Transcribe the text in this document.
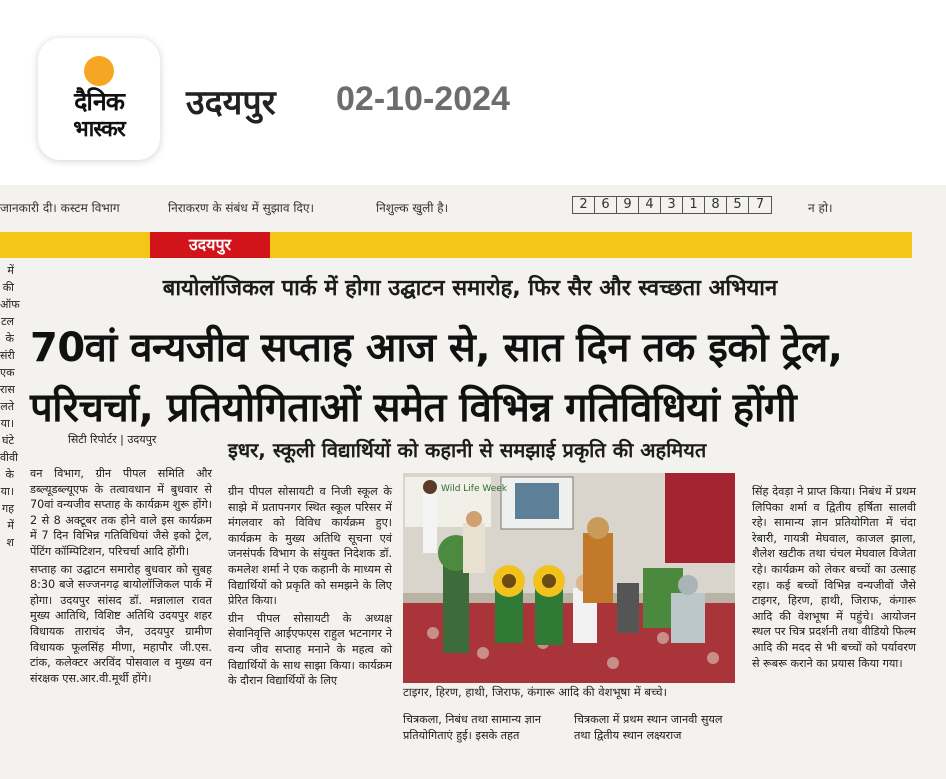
दैनिक
भास्कर
उदयपुर 02-10-2024
जानकारी दी। कस्टम विभाग	निराकरण के संबंध में सुझाव दिए।	निशुल्क खुली है।	2	6	9	4	3	1	8	5	7	न हो।
उदयपुर
में
की
ऑफ
टल
के
संरी
एक
रास
लते
या।
घंटे
वीवी
के
या।
गह
में
श
बायोलॉजिकल पार्क में होगा उद्घाटन समारोह, फिर सैर और स्वच्छता अभियान
70वां वन्यजीव सप्ताह आज से, सात दिन तक इको ट्रेल,
परिचर्चा, प्रतियोगिताओं समेत विभिन्न गतिविधियां होंगी
सिटी रिपोर्टर | उदयपुर	इधर, स्कूली विद्यार्थियों को कहानी से समझाई प्रकृति की अहमियत

वन विभाग, ग्रीन पीपल समिति और डब्ल्यूडब्ल्यूएफ के तत्वावधान में बुधवार से 70वां वन्यजीव सप्ताह के कार्यक्रम शुरू होंगे। 2 से 8 अक्टूबर तक होने वाले इस कार्यक्रम में 7 दिन विभिन्न गतिविधियां जैसे इको ट्रेल, पेंटिंग कॉम्पिटिशन, परिचर्चा आदि होंगी।

सप्ताह का उद्घाटन समारोह बुधवार को सुबह 8:30 बजे सज्जनगढ़ बायोलॉजिकल पार्क में होगा। उदयपुर सांसद डॉ. मन्नालाल रावत मुख्य आतिथि, विशिष्ट अतिथि उदयपुर शहर विधायक ताराचंद जैन, उदयपुर ग्रामीण विधायक फूलसिंह मीणा, महापौर जी.एस. टांक, कलेक्टर अरविंद पोसवाल व मुख्य वन संरक्षक एस.आर.वी.मूर्थी होंगे।

ग्रीन पीपल सोसायटी व निजी स्कूल के साझे में प्रतापनगर स्थित स्कूल परिसर में मंगलवार को विविध कार्यक्रम हुए। कार्यक्रम के मुख्य अतिथि सूचना एवं जनसंपर्क विभाग के संयुक्त निदेशक डॉ. कमलेश शर्मा ने एक कहानी के माध्यम से विद्यार्थियों को प्रकृति को समझने के लिए प्रेरित किया।

ग्रीन पीपल सोसायटी के अध्यक्ष सेवानिवृत्ति आईएफएस राहुल भटनागर ने वन्य जीव सप्ताह मनाने के महत्व को विद्यार्थियों के साथ साझा किया। कार्यक्रम के दौरान विद्यार्थियों के लिए

सिंह देवड़ा ने प्राप्त किया। निबंध में प्रथम लिपिका शर्मा व द्वितीय हर्षिता सालवी रहे। सामान्य ज्ञान प्रतियोगिता में चंदा रेबारी, गायत्री मेघवाल, काजल झाला, शैलेश खटीक तथा चंचल मेघवाल विजेता रहे। कार्यक्रम को लेकर बच्चों का उत्साह रहा। कई बच्चों विभिन्न वन्यजीवों जैसे टाइगर, हिरण, हाथी, जिराफ, कंगारू आदि की वेशभूषा में पहुंचे। आयोजन स्थल पर चित्र प्रदर्शनी तथा वीडियो फिल्म आदि की मदद से भी बच्चों को पर्यावरण से रूबरू कराने का प्रयास किया गया।

Wild Life Week
टाइगर, हिरण, हाथी, जिराफ, कंगारू आदि की वेशभूषा में बच्चे।
चित्रकला, निबंध तथा सामान्य ज्ञान प्रतियोगिताएं हुई। इसके तहत
चित्रकला में प्रथम स्थान जानवी सुयल तथा द्वितीय स्थान लक्ष्यराज
